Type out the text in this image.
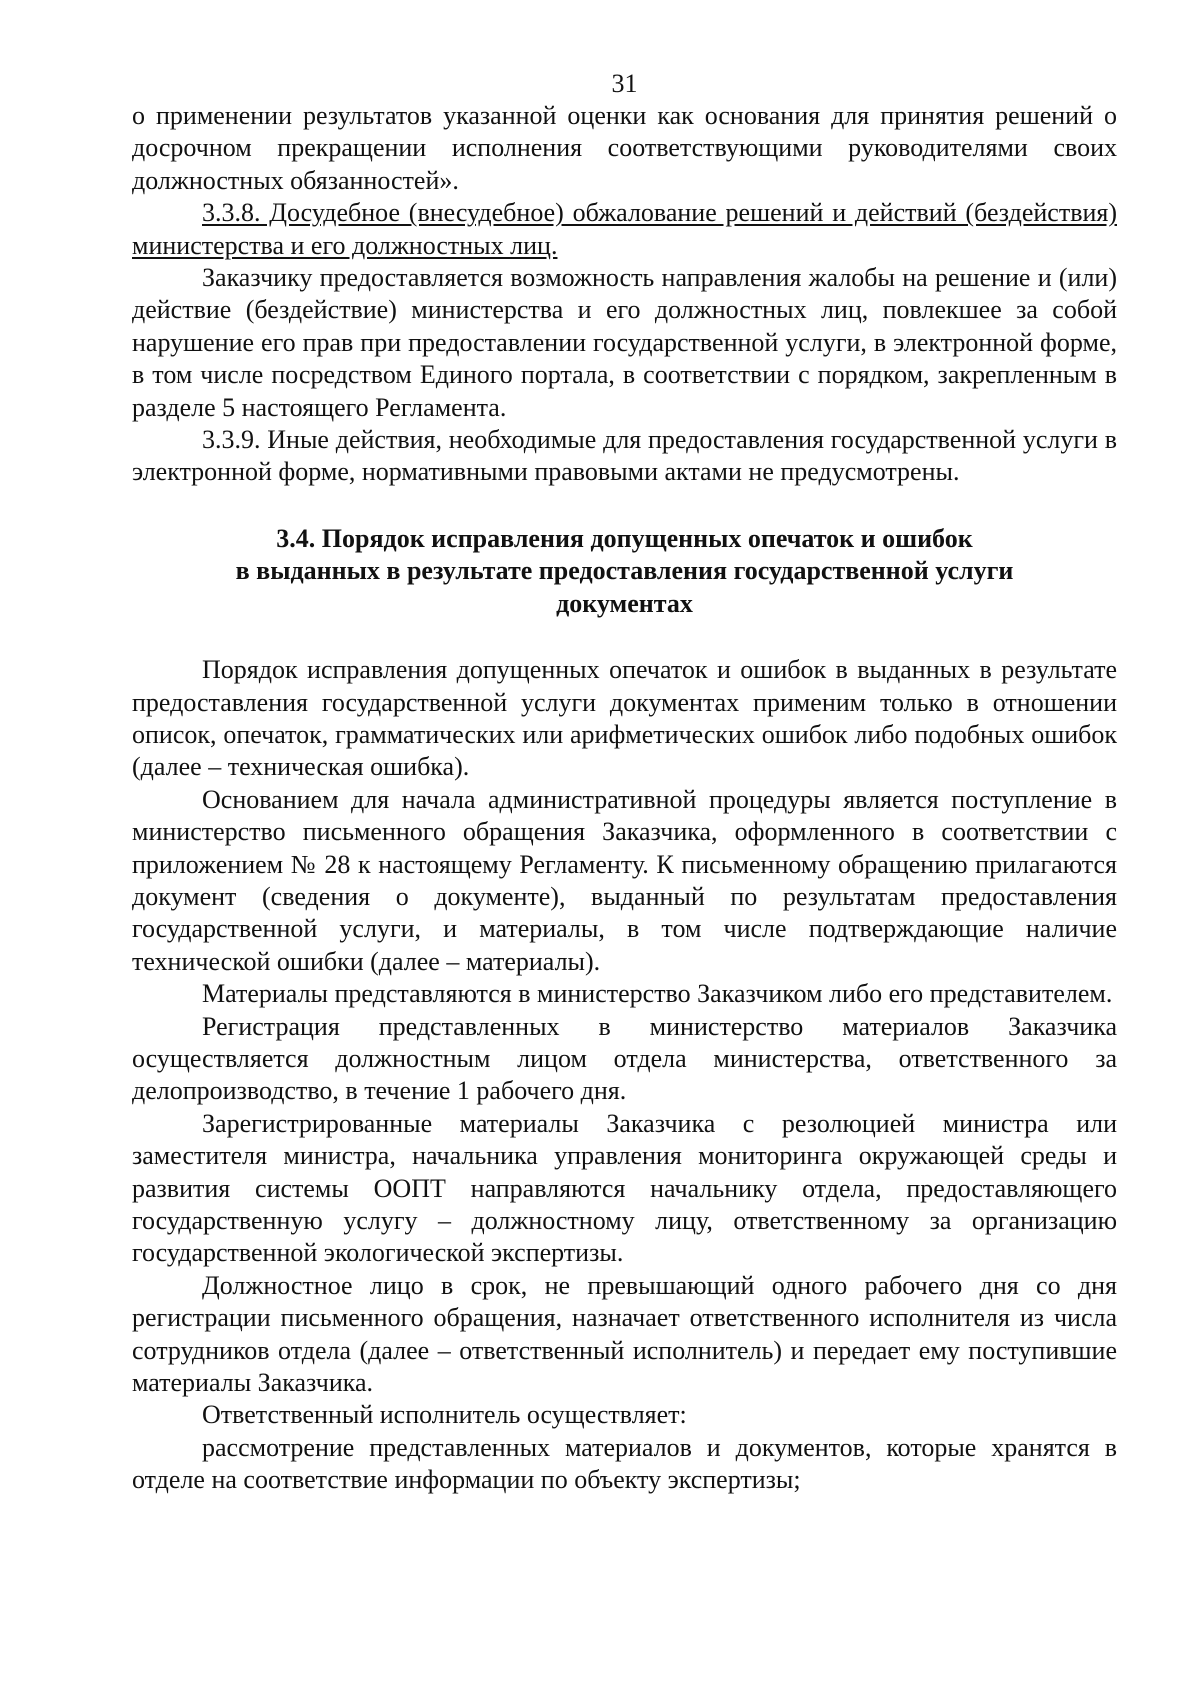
31

о применении результатов указанной оценки как основания для принятия решений о досрочном прекращении исполнения соответствующими руководителями своих должностных обязанностей».

3.3.8. Досудебное (внесудебное) обжалование решений и действий (бездействия) министерства и его должностных лиц.

Заказчику предоставляется возможность направления жалобы на решение и (или) действие (бездействие) министерства и его должностных лиц, повлекшее за собой нарушение его прав при предоставлении государственной услуги, в электронной форме, в том числе посредством Единого портала, в соответствии с порядком, закрепленным в разделе 5 настоящего Регламента.

3.3.9. Иные действия, необходимые для предоставления государственной услуги в электронной форме, нормативными правовыми актами не предусмотрены.

3.4. Порядок исправления допущенных опечаток и ошибок
в выданных в результате предоставления государственной услуги
документах

Порядок исправления допущенных опечаток и ошибок в выданных в результате предоставления государственной услуги документах применим только в отношении описок, опечаток, грамматических или арифметических ошибок либо подобных ошибок (далее – техническая ошибка).

Основанием для начала административной процедуры является поступление в министерство письменного обращения Заказчика, оформленного в соответствии с приложением № 28 к настоящему Регламенту. К письменному обращению прилагаются документ (сведения о документе), выданный по результатам предоставления государственной услуги, и материалы, в том числе подтверждающие наличие технической ошибки (далее – материалы).

Материалы представляются в министерство Заказчиком либо его представителем.

Регистрация представленных в министерство материалов Заказчика осуществляется должностным лицом отдела министерства, ответственного за делопроизводство, в течение 1 рабочего дня.

Зарегистрированные материалы Заказчика с резолюцией министра или заместителя министра, начальника управления мониторинга окружающей среды и развития системы ООПТ направляются начальнику отдела, предоставляющего государственную услугу – должностному лицу, ответственному за организацию государственной экологической экспертизы.

Должностное лицо в срок, не превышающий одного рабочего дня со дня регистрации письменного обращения, назначает ответственного исполнителя из числа сотрудников отдела (далее – ответственный исполнитель) и передает ему поступившие материалы Заказчика.

Ответственный исполнитель осуществляет:

рассмотрение представленных материалов и документов, которые хранятся в отделе на соответствие информации по объекту экспертизы;
